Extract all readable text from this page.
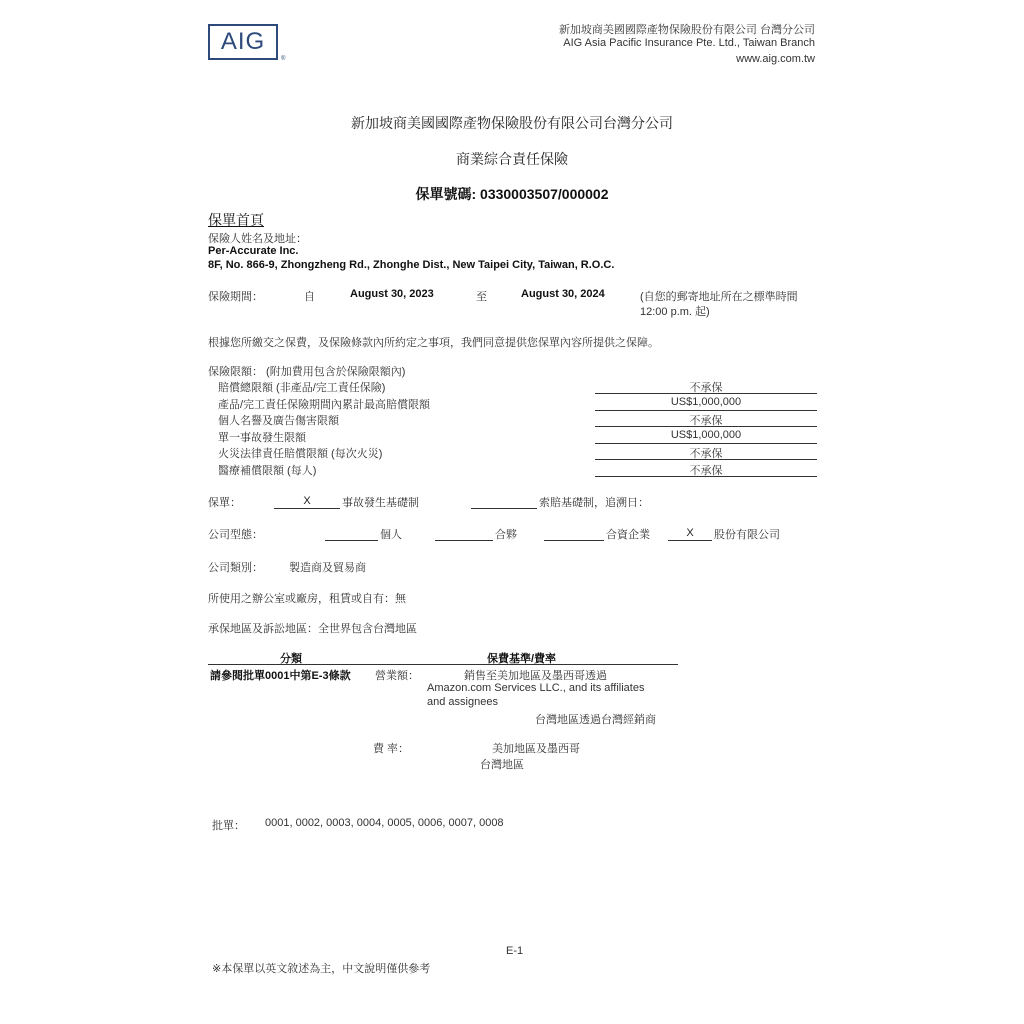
AIG
®
新加坡商美國國際產物保險股份有限公司 台灣分公司
AIG Asia Pacific Insurance Pte. Ltd., Taiwan Branch
www.aig.com.tw
新加坡商美國國際產物保險股份有限公司台灣分公司
商業綜合責任保險
保單號碼: 0330003507/000002
保單首頁
保險人姓名及地址：
Per-Accurate Inc.
8F, No. 866-9, Zhongzheng Rd., Zhonghe Dist., New Taipei City, Taiwan, R.O.C.
保險期間：	自	August 30, 2023	至	August 30, 2024	(自您的郵寄地址所在之標準時間
12:00 p.m. 起)
根據您所繳交之保費，及保險條款內所約定之事項，我們同意提供您保單內容所提供之保障。
保險限額： (附加費用包含於保險限額內)
賠償總限額 (非產品/完工責任保險)	不承保
產品/完工責任保險期間內累計最高賠償限額	US$1,000,000
個人名譽及廣告傷害限額	不承保
單一事故發生限額	US$1,000,000
火災法律責任賠償限額 (每次火災)	不承保
醫療補償限額 (每人)	不承保
保單：	X	事故發生基礎制	索賠基礎制，追溯日：
公司型態：	個人	合夥	合資企業	X	股份有限公司
公司類別： 製造商及貿易商
所使用之辦公室或廠房，租賃或自有：無
承保地區及訴訟地區：全世界包含台灣地區
分類	保費基準/費率
請參閱批單0001中第E-3條款 營業額：	銷售至美加地區及墨西哥透過
Amazon.com Services LLC., and its affiliates
and assignees
台灣地區透過台灣經銷商
費 率：	美加地區及墨西哥
台灣地區
批單： 0001, 0002, 0003, 0004, 0005, 0006, 0007, 0008
E-1
※本保單以英文敘述為主，中文說明僅供參考
